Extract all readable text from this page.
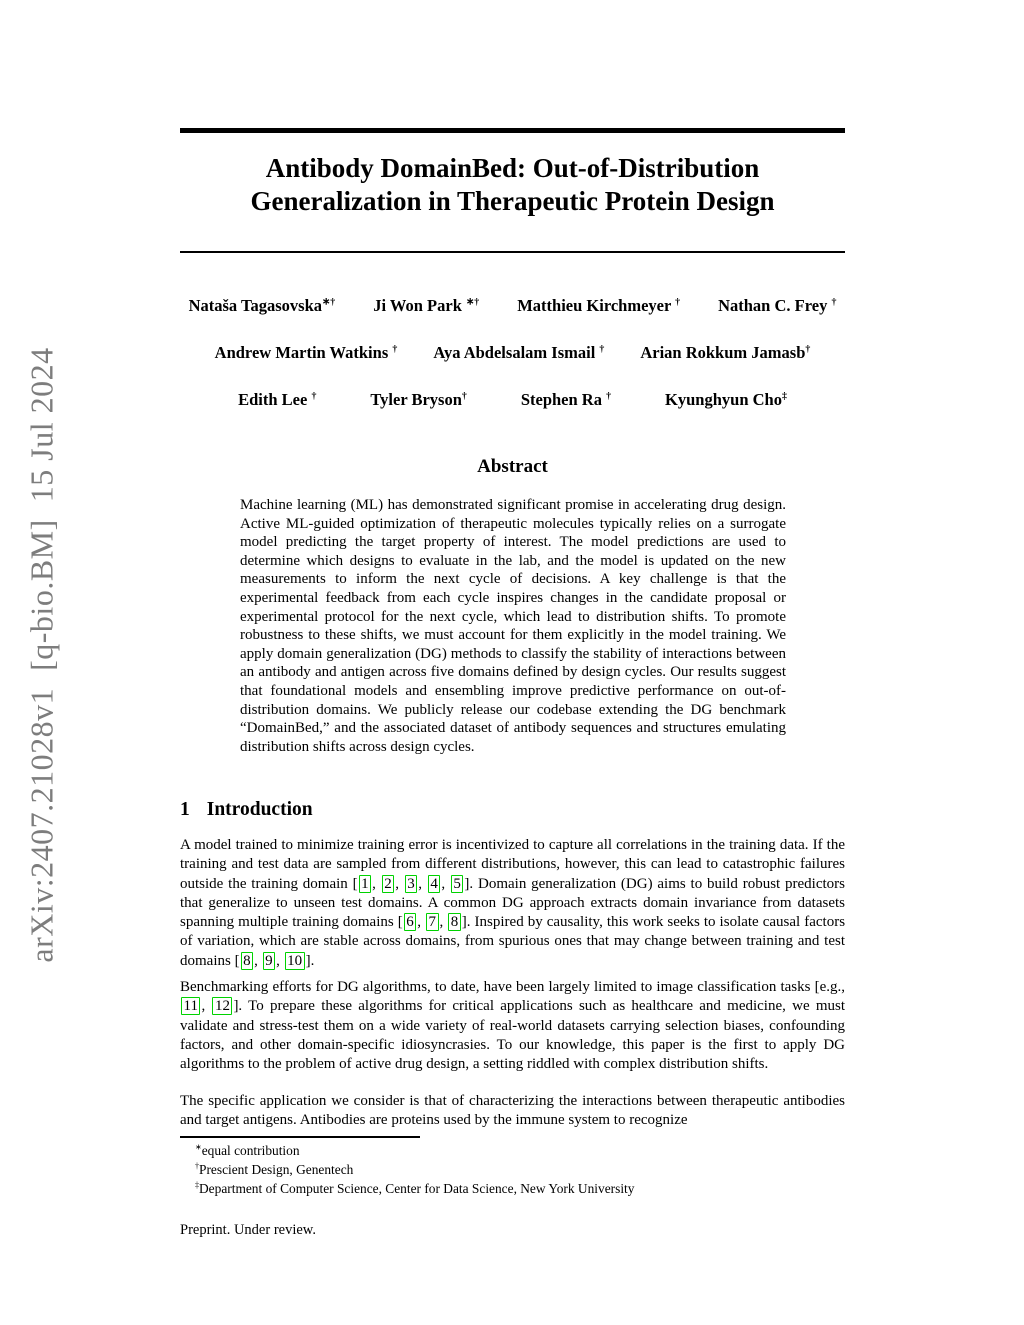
arXiv:2407.21028v1  [q-bio.BM]  15 Jul 2024
Antibody DomainBed: Out-of-Distribution
Generalization in Therapeutic Protein Design
Nataša Tagasovska∗† Ji Won Park ∗† Matthieu Kirchmeyer † Nathan C. Frey †
Andrew Martin Watkins † Aya Abdelsalam Ismail † Arian Rokkum Jamasb†
Edith Lee †	Tyler Bryson†	Stephen Ra †	Kyunghyun Cho‡
Abstract
Machine learning (ML) has demonstrated significant promise in accelerating drug design. Active ML-guided optimization of therapeutic molecules typically relies on a surrogate model predicting the target property of interest. The model predictions are used to determine which designs to evaluate in the lab, and the model is updated on the new measurements to inform the next cycle of decisions. A key challenge is that the experimental feedback from each cycle inspires changes in the candidate proposal or experimental protocol for the next cycle, which lead to distribution shifts. To promote robustness to these shifts, we must account for them explicitly in the model training. We apply domain generalization (DG) methods to classify the stability of interactions between an antibody and antigen across five domains defined by design cycles. Our results suggest that foundational models and ensembling improve predictive performance on out-of-distribution domains. We publicly release our codebase extending the DG benchmark “DomainBed,” and the associated dataset of antibody sequences and structures emulating distribution shifts across design cycles.
1 Introduction
A model trained to minimize training error is incentivized to capture all correlations in the training data. If the training and test data are sampled from different distributions, however, this can lead to catastrophic failures outside the training domain [ 1 , 2 , 3 , 4 , 5 ]. Domain generalization (DG) aims to build robust predictors that generalize to unseen test domains. A common DG approach extracts domain invariance from datasets spanning multiple training domains [ 6 , 7 , 8 ]. Inspired by causality, this work seeks to isolate causal factors of variation, which are stable across domains, from spurious ones that may change between training and test domains [ 8 , 9 , 10 ].
Benchmarking efforts for DG algorithms, to date, have been largely limited to image classification tasks [e.g., 11 , 12 ]. To prepare these algorithms for critical applications such as healthcare and medicine, we must validate and stress-test them on a wide variety of real-world datasets carrying selection biases, confounding factors, and other domain-specific idiosyncrasies. To our knowledge, this paper is the first to apply DG algorithms to the problem of active drug design, a setting riddled with complex distribution shifts.
The specific application we consider is that of characterizing the interactions between therapeutic antibodies and target antigens. Antibodies are proteins used by the immune system to recognize
∗equal contribution
†Prescient Design, Genentech
‡Department of Computer Science, Center for Data Science, New York University
Preprint. Under review.
